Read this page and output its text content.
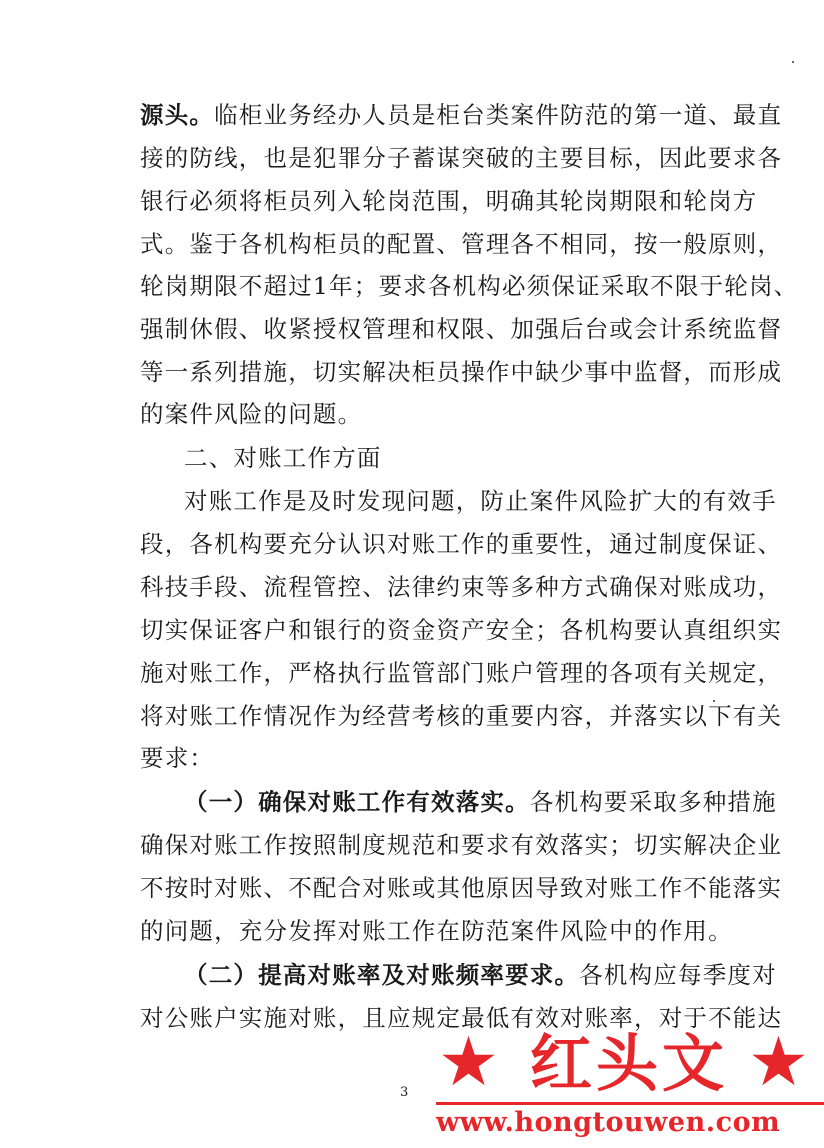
源头。临柜业务经办人员是柜台类案件防范的第一道、最直
接的防线，也是犯罪分子蓄谋突破的主要目标，因此要求各
银行必须将柜员列入轮岗范围，明确其轮岗期限和轮岗方
式。鉴于各机构柜员的配置、管理各不相同，按一般原则，
轮岗期限不超过1年；要求各机构必须保证采取不限于轮岗、
强制休假、收紧授权管理和权限、加强后台或会计系统监督
等一系列措施，切实解决柜员操作中缺少事中监督，而形成
的案件风险的问题。
二、对账工作方面
对账工作是及时发现问题，防止案件风险扩大的有效手
段，各机构要充分认识对账工作的重要性，通过制度保证、
科技手段、流程管控、法律约束等多种方式确保对账成功，
切实保证客户和银行的资金资产安全；各机构要认真组织实
施对账工作，严格执行监管部门账户管理的各项有关规定，
将对账工作情况作为经营考核的重要内容，并落实以下有关
要求：
（一）确保对账工作有效落实。各机构要采取多种措施
确保对账工作按照制度规范和要求有效落实；切实解决企业
不按时对账、不配合对账或其他原因导致对账工作不能落实
的问题，充分发挥对账工作在防范案件风险中的作用。
（二）提高对账率及对账频率要求。各机构应每季度对
对公账户实施对账，且应规定最低有效对账率，对于不能达
3 ★ 红头文 ★
www.hongtouwen.com
